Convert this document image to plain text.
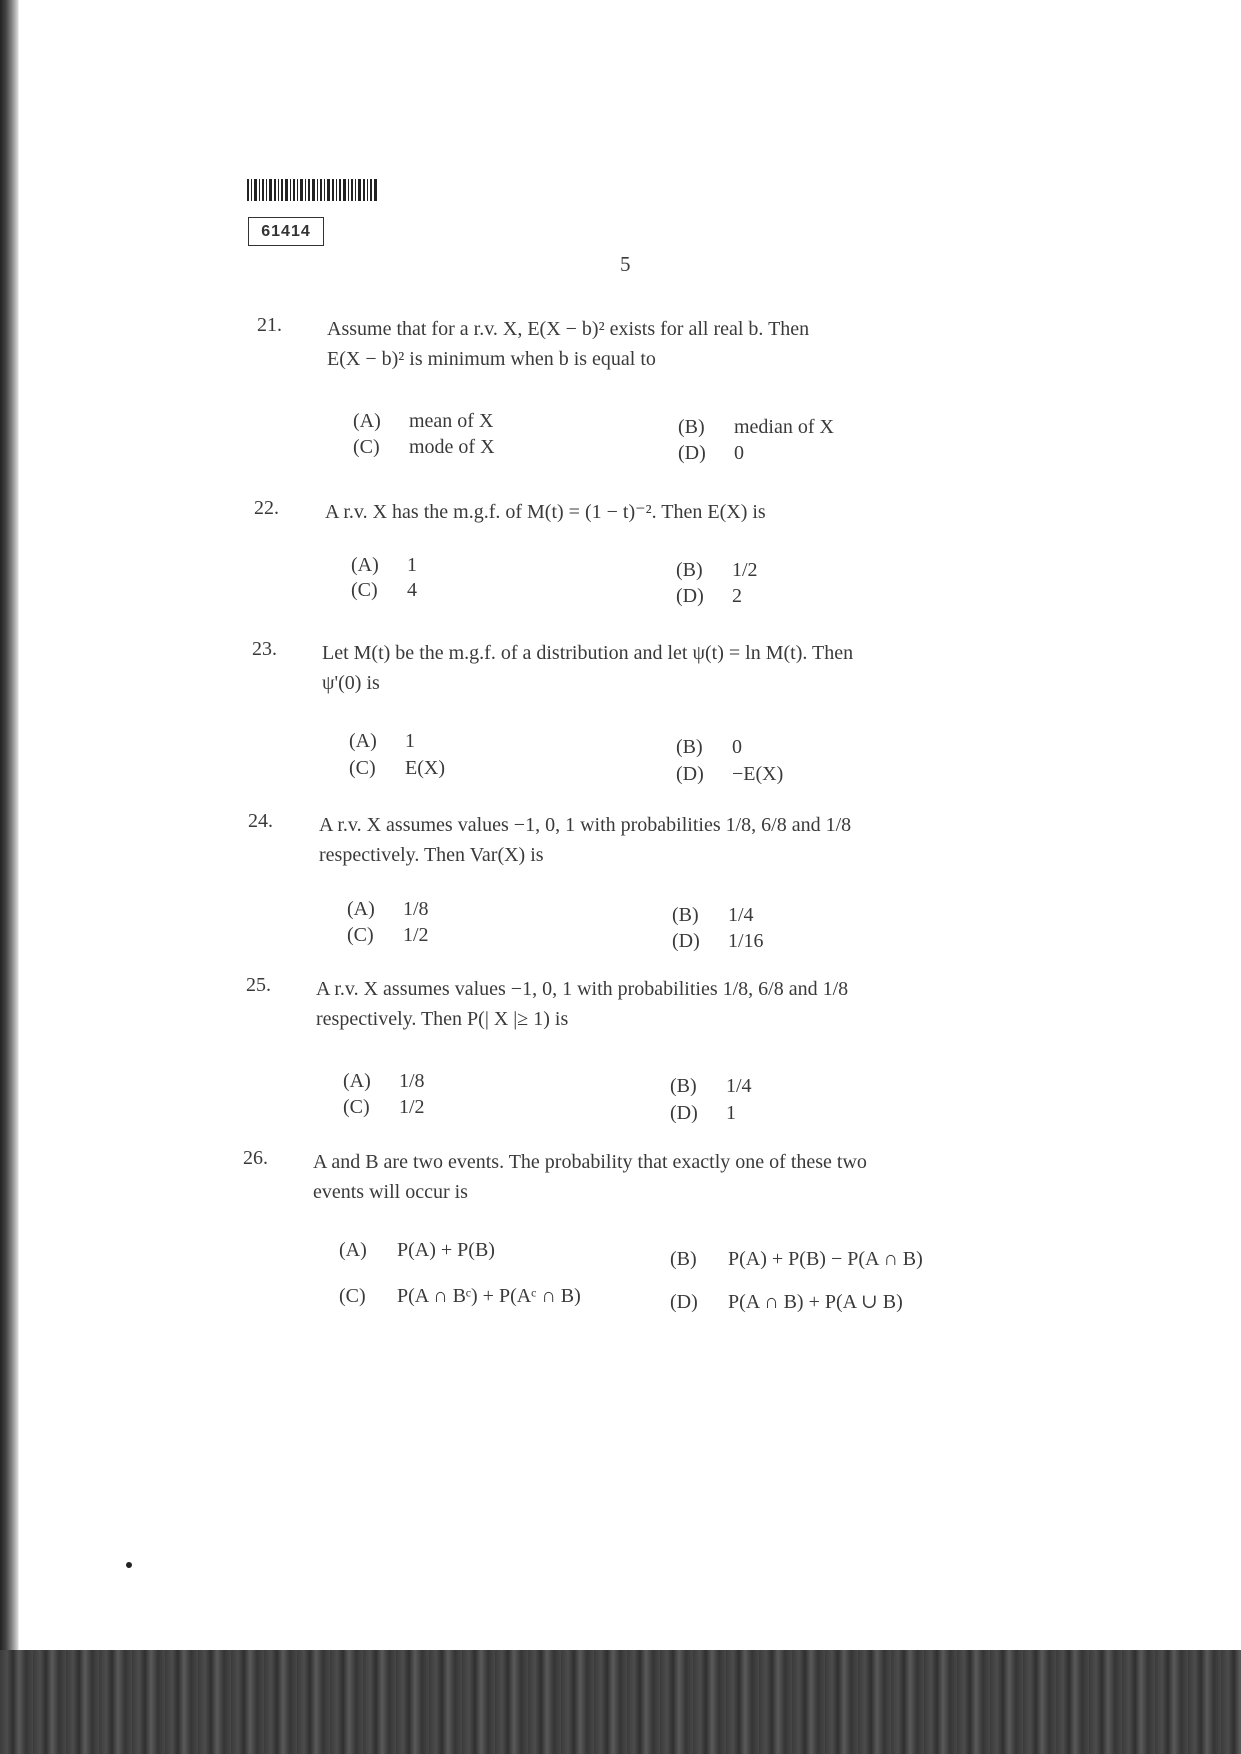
61414
5
21. Assume that for a r.v. X, E(X − b)² exists for all real b. Then
E(X − b)² is minimum when b is equal to
(A) mean of X	(B) median of X
(C) mode of X	(D) 0
22. A r.v. X has the m.g.f. of M(t) = (1 − t)⁻². Then E(X) is
(A) 1	(B) 1/2
(C) 4	(D) 2
23. Let M(t) be the m.g.f. of a distribution and let ψ(t) = ln M(t). Then
ψ'(0) is
(A) 1	(B) 0
(C) E(X)	(D) −E(X)
24. A r.v. X assumes values −1, 0, 1 with probabilities 1/8, 6/8 and 1/8
respectively. Then Var(X) is
(A) 1/8	(B) 1/4
(C) 1/2	(D) 1/16
25. A r.v. X assumes values −1, 0, 1 with probabilities 1/8, 6/8 and 1/8
respectively. Then P(| X |≥ 1) is
(A) 1/8	(B) 1/4
(C) 1/2	(D) 1
26. A and B are two events. The probability that exactly one of these two
events will occur is
(A) P(A) + P(B)	(B) P(A) + P(B) − P(A ∩ B)
(C) P(A ∩ Bᶜ) + P(Aᶜ ∩ B)	(D) P(A ∩ B) + P(A ∪ B)
